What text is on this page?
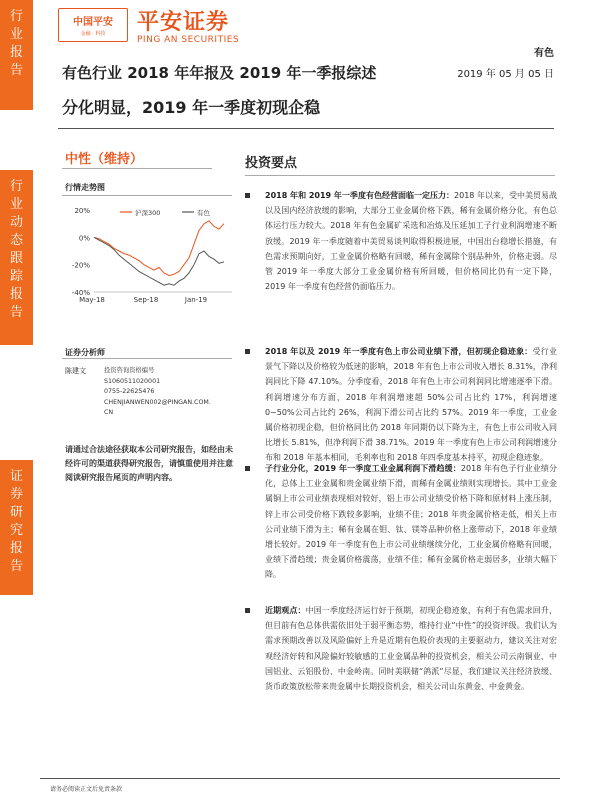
行
业
报
告
行
业
动
态
跟
踪
报
告
证
券
研
究
报
告
中国平安
金融 · 科技 平安证券
PING AN SECURITIES
有色
2019 年 05 月 05 日
有色行业 2018 年年报及 2019 年一季报综述
分化明显，2019 年一季度初现企稳
中性（维持）
行情走势图
20%
0%
-20%
-40%
May-18	Sep-18	Jan-19
沪深300	有色
证券分析师
陈建文	投资咨询资格编号
S1060511020001
0755-22625476
CHENJIANWEN002@PINGAN.COM.
CN
请通过合法途径获取本公司研究报告，如经由未经许可的渠道获得研究报告，请慎重使用并注意阅读研究报告尾页的声明内容。
投资要点
2018 年和 2019 年一季度有色经营面临一定压力：2018 年以来，受中美贸易战以及国内经济放缓的影响，大部分工业金属价格下跌，稀有金属价格分化，有色总体运行压力较大。2018 年有色金属矿采选和冶炼及压延加工子行业利润增速不断放缓。2019 年一季度随着中美贸易谈判取得积极进展，中国出台稳增长措施，有色需求预期向好，工业金属价格略有回暖，稀有金属除个别品种外，价格走弱。尽管 2019 年一季度大部分工业金属价格有所回暖，但价格同比仍有一定下降，2019 年一季度有色经营仍面临压力。
2018 年以及 2019 年一季度有色上市公司业绩下滑，但初现企稳迹象：受行业景气下降以及价格较为低迷的影响，2018 年有色上市公司收入增长 8.31%，净利润同比下降 47.10%。分季度看，2018 年有色上市公司利润同比增速逐季下滑。利润增速分布方面，2018 年利润增速超 50%公司占比约 17%，利润增速 0~50%公司占比约 26%，利润下滑公司占比约 57%。2019 年一季度，工业金属价格初现企稳，但价格同比仍 2018 年同期仍以下降为主，有色上市公司收入同比增长 5.81%，但净利润下滑 38.71%。2019 年一季度有色上市公司利润增速分布和 2018 年基本相同，毛利率也和 2018 年四季度基本持平，初现企稳迹象。
子行业分化，2019 年一季度工业金属利润下滑趋缓：2018 年有色子行业业绩分化，总体上工业金属和贵金属业绩下滑，而稀有金属业绩则实现增长。其中工业金属铜上市公司业绩表现相对较好，铝上市公司业绩受价格下降和原材料上涨压制，锌上市公司受价格下跌较多影响，业绩不佳；2018 年贵金属价格走低，相关上市公司业绩下滑为主；稀有金属在钼、钛、镁等品种价格上涨带动下，2018 年业绩增长较好。2019 年一季度有色上市公司业绩继续分化，工业金属价格略有回暖，业绩下滑趋缓；贵金属价格震荡，业绩不佳；稀有金属价格走弱居多，业绩大幅下降。
近期观点：中国一季度经济运行好于预期，初现企稳迹象，有利于有色需求回升，但目前有色总体供需依旧处于弱平衡态势，维持行业“中性”的投资评级。我们认为需求预期改善以及风险偏好上升是近期有色股价表现的主要驱动力，建议关注对宏观经济好转和风险偏好较敏感的工业金属品种的投资机会，相关公司云南铜业、中国铝业、云铝股份、中金岭南。同时美联储“鸽派”尽显，我们建议关注经济放缓、货币政策放松带来贵金属中长期投资机会，相关公司山东黄金、中金黄金。
请务必阅读正文后免责条款
